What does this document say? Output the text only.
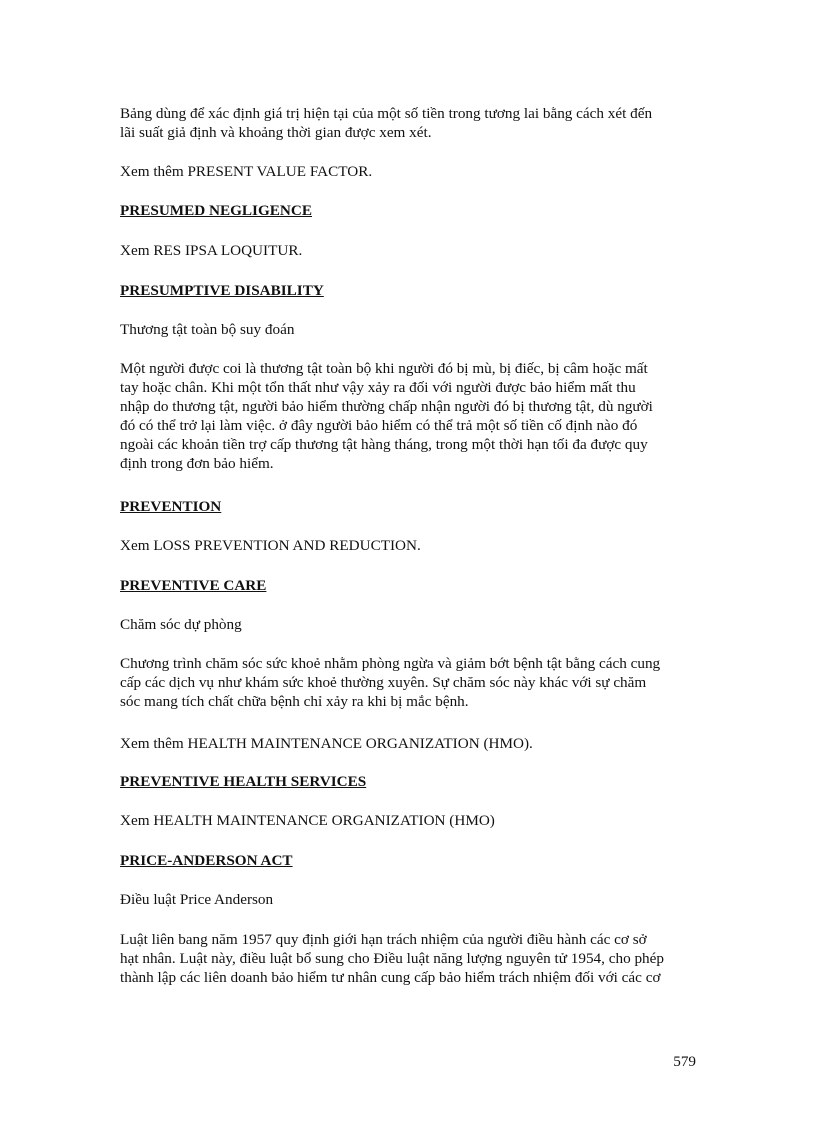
Bảng dùng để xác định giá trị hiện tại của một số tiền trong tương lai bằng cách xét đến
lãi suất giả định và khoảng thời gian được xem xét.

Xem thêm PRESENT VALUE FACTOR.

PRESUMED NEGLIGENCE

Xem RES IPSA LOQUITUR.

PRESUMPTIVE DISABILITY

Thương tật toàn bộ suy đoán

Một người được coi là thương tật toàn bộ khi người đó bị mù, bị điếc, bị câm hoặc mất
tay hoặc chân. Khi một tổn thất như vậy xảy ra đối với người được bảo hiểm mất thu
nhập do thương tật, người bảo hiểm thường chấp nhận người đó bị thương tật, dù người
đó có thể trở lại làm việc. ở đây người bảo hiểm có thể trả một số tiền cố định nào đó
ngoài các khoản tiền trợ cấp thương tật hàng tháng, trong một thời hạn tối đa được quy
định trong đơn bảo hiểm.

PREVENTION

Xem LOSS PREVENTION AND REDUCTION.

PREVENTIVE CARE

Chăm sóc dự phòng

Chương trình chăm sóc sức khoẻ nhằm phòng ngừa và giảm bớt bệnh tật bằng cách cung
cấp các dịch vụ như khám sức khoẻ thường xuyên. Sự chăm sóc này khác với sự chăm
sóc mang tích chất chữa bệnh chỉ xảy ra khi bị mắc bệnh.

Xem thêm HEALTH MAINTENANCE ORGANIZATION (HMO).

PREVENTIVE HEALTH SERVICES

Xem HEALTH MAINTENANCE ORGANIZATION (HMO)

PRICE-ANDERSON ACT

Điều luật Price Anderson

Luật liên bang năm 1957 quy định giới hạn trách nhiệm của người điều hành các cơ sở
hạt nhân. Luật này, điều luật bổ sung cho Điều luật năng lượng nguyên tử 1954, cho phép
thành lập các liên doanh bảo hiểm tư nhân cung cấp bảo hiểm trách nhiệm đối với các cơ

579
